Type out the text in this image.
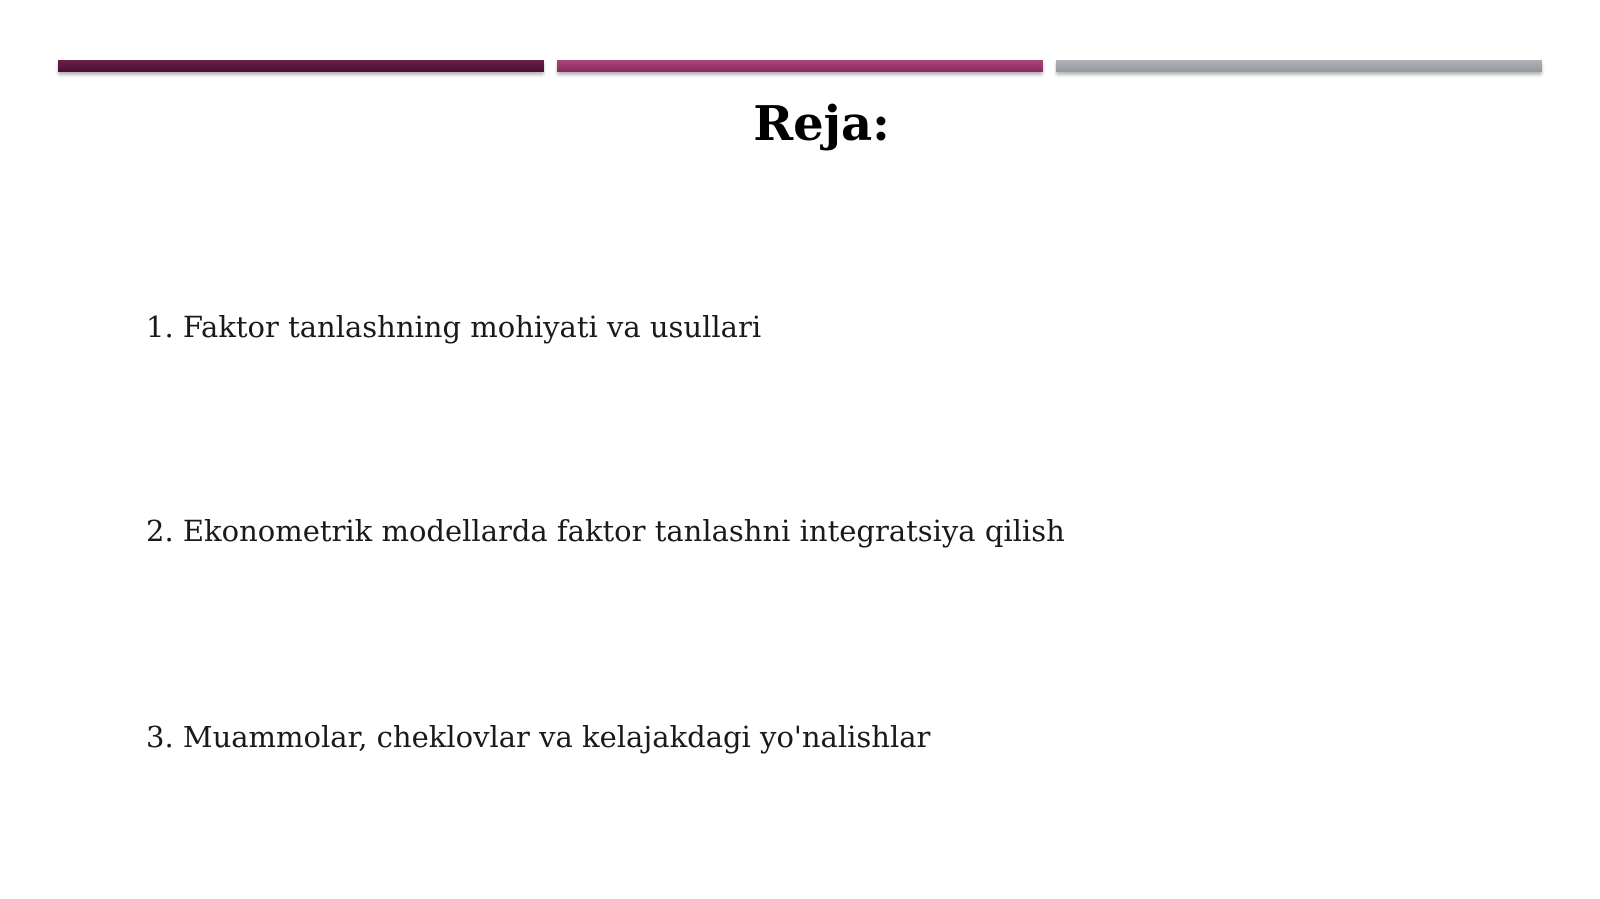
Reja:
1. Faktor tanlashning mohiyati va usullari
2. Ekonometrik modellarda faktor tanlashni integratsiya qilish
3. Muammolar, cheklovlar va kelajakdagi yo'nalishlar
